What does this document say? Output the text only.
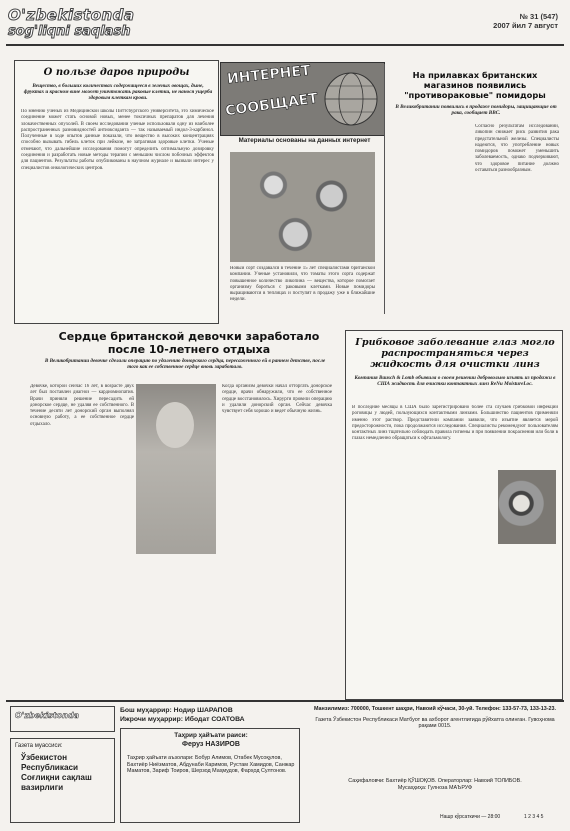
O'zbekistonda
sog'liqni saqlash
№ 31 (547)
2007 йил 7 август
О пользе даров природы
Вещество, в больших количествах содержащееся в зеленых овощах, дыне, фруктах и красном вине может уничтожать раковые клетки, не нанося ущерба здоровым клеткам крови.
По мнению ученых из Медицинской школы Питтсбургского университета, это химическое соединение может стать основой новых, менее токсичных препаратов для лечения злокачественных опухолей. В своем исследовании ученые использовали одну из наиболее распространенных разновидностей антиоксиданта — так называемый индол-3-карбинол. Полученные в ходе опытов данные показали, что вещество в высоких концентрациях способно вызывать гибель клеток при лейкозе, не затрагивая здоровые клетки. Ученые отмечают, что дальнейшие исследования помогут определить оптимальную дозировку соединения и разработать новые методы терапии с меньшим числом побочных эффектов для пациентов. Результаты работы опубликованы в научном журнале и вызвали интерес у специалистов онкологических центров.
ИНТЕРНЕТ
СООБЩАЕТ
Материалы основаны на данных интернет
На прилавках британских магазинов появились "противораковые" помидоры
В Великобритании появились в продаже помидоры, защищающие от рака, сообщает BBC.
Согласно результатам исследований, ликопин снижает риск развития рака предстательной железы. Специалисты надеются, что употребление новых помидоров поможет уменьшить заболеваемость, однако подчеркивают, что здоровое питание должно оставаться разнообразным.
Новый сорт создавался в течение 15 лет специалистами британской компании. Ученые установили, что томаты этого сорта содержат повышенное количество ликопина — вещества, которое помогает организму бороться с раковыми клетками. Новые помидоры выращиваются в теплицах и поступят в продажу уже в ближайшие недели.
Сердце британской девочки заработало после 10-летнего отдыха
В Великобритании девочке сделали операцию по удалению донорского сердца, пересаженного ей в раннем детстве, после того как ее собственное сердце вновь заработало.
Девочке, которой сейчас 16 лет, в возрасте двух лет был поставлен диагноз — кардиомиопатия. Врачи приняли решение пересадить ей донорское сердце, не удаляя ее собственного. В течение десяти лет донорский орган выполнял основную работу, а ее собственное сердце отдыхало.
Когда организм девочки начал отторгать донорское сердце, врачи обнаружили, что ее собственное сердце восстановилось. Хирурги провели операцию и удалили донорский орган. Сейчас девочка чувствует себя хорошо и ведет обычную жизнь.
Грибковое заболевание глаз могло распространяться через жидкость для очистки линз
Компания Bausch & Lomb объявила о своем решении добровольно изъять из продажи в США жидкость для очистки контактных линз ReNu MoistureLoc.
В последние месяцы в США было зарегистрировано более ста случаев грибковой инфекции роговицы у людей, пользующихся контактными линзами. Большинство пациентов применяли именно этот раствор. Представители компании заявили, что изъятие является мерой предосторожности, пока продолжаются исследования. Специалисты рекомендуют пользователям контактных линз тщательно соблюдать правила гигиены и при появлении покраснения или боли в глазах немедленно обращаться к офтальмологу.
O'zbekistonda
Газета муассиси:
Ўзбекистон
Республикаси
Соғлиқни сақлаш
вазирлиги
Бош муҳаррир: Нодир ШАРАПОВ
Ижрочи муҳаррир: Ибодат СОАТОВА
Таҳрир ҳайъати раиси:
Феруз НАЗИРОВ
Таҳрир ҳайъати аъзолари: Бобур Алимов, Отабек Мусоқулов, Бахтиёр Ниёзматов, Абдунаби Каримов, Рустам Хамидов, Санжар Маматов, Зариф Тоиров, Шерзод Маҳмудов, Фарҳод Султонов.
Манзилимиз: 700000, Тошкент шаҳри, Навоий кўчаси, 30-уй. Телефон: 133-57-73, 133-13-23.
Газета Ўзбекистон Республикаси Матбуот ва ахборот агентлигида рўйхатга олинган. Гувоҳнома рақами 0015.
Саҳифаловчи: Бахтиёр ҚЎШОҚОВ. Операторлар: Навоий ТОЛИБОВ.
Мусаҳҳиҳа: Гулноза МАЪРУФ
Нашр кўрсаткичи — 28:00	1 2 3 4 5
